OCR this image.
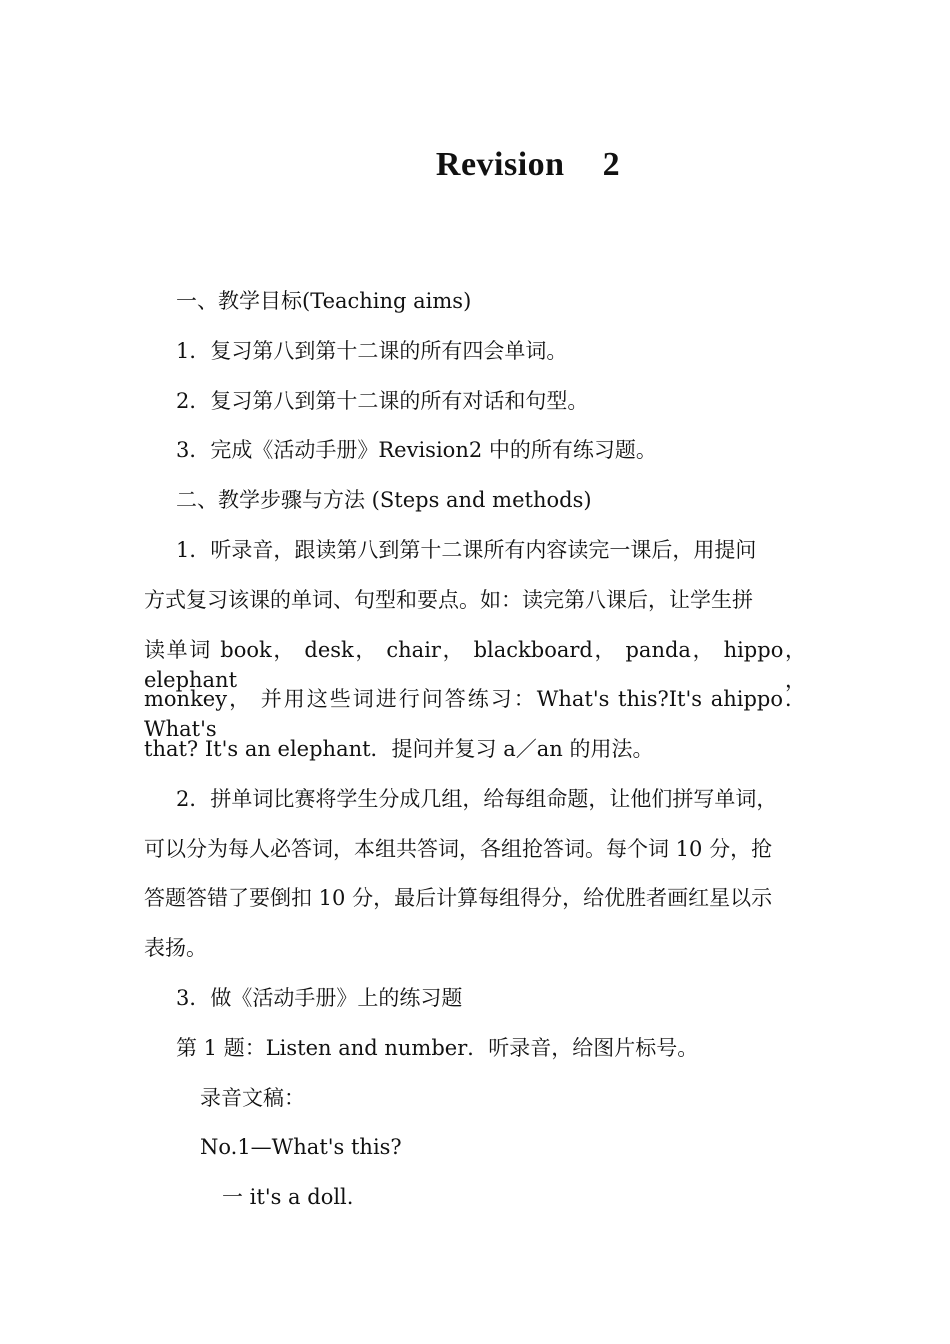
Revision  2
一、教学目标(Teaching aims)
1．复习第八到第十二课的所有四会单词。
2．复习第八到第十二课的所有对话和句型。
3．完成《活动手册》Revision2 中的所有练习题。
二、教学步骤与方法 (Steps and methods)
1．听录音，跟读第八到第十二课所有内容读完一课后，用提问
方式复习该课的单词、句型和要点。如：读完第八课后，让学生拼
读单词 book， desk， chair， blackboard， panda， hippo， elephant，
monkey， 并用这些词进行问答练习：What's this?It's ahippo．What's
that? It's an elephant．提问并复习 a／an 的用法。
2．拼单词比赛将学生分成几组，给每组命题，让他们拼写单词，
可以分为每人必答词，本组共答词，各组抢答词。每个词 10 分，抢
答题答错了要倒扣 10 分，最后计算每组得分，给优胜者画红星以示
表扬。
3．做《活动手册》上的练习题
第 1 题：Listen and number．听录音，给图片标号。
录音文稿：
No.1—What's this?
一 it's a doll.
